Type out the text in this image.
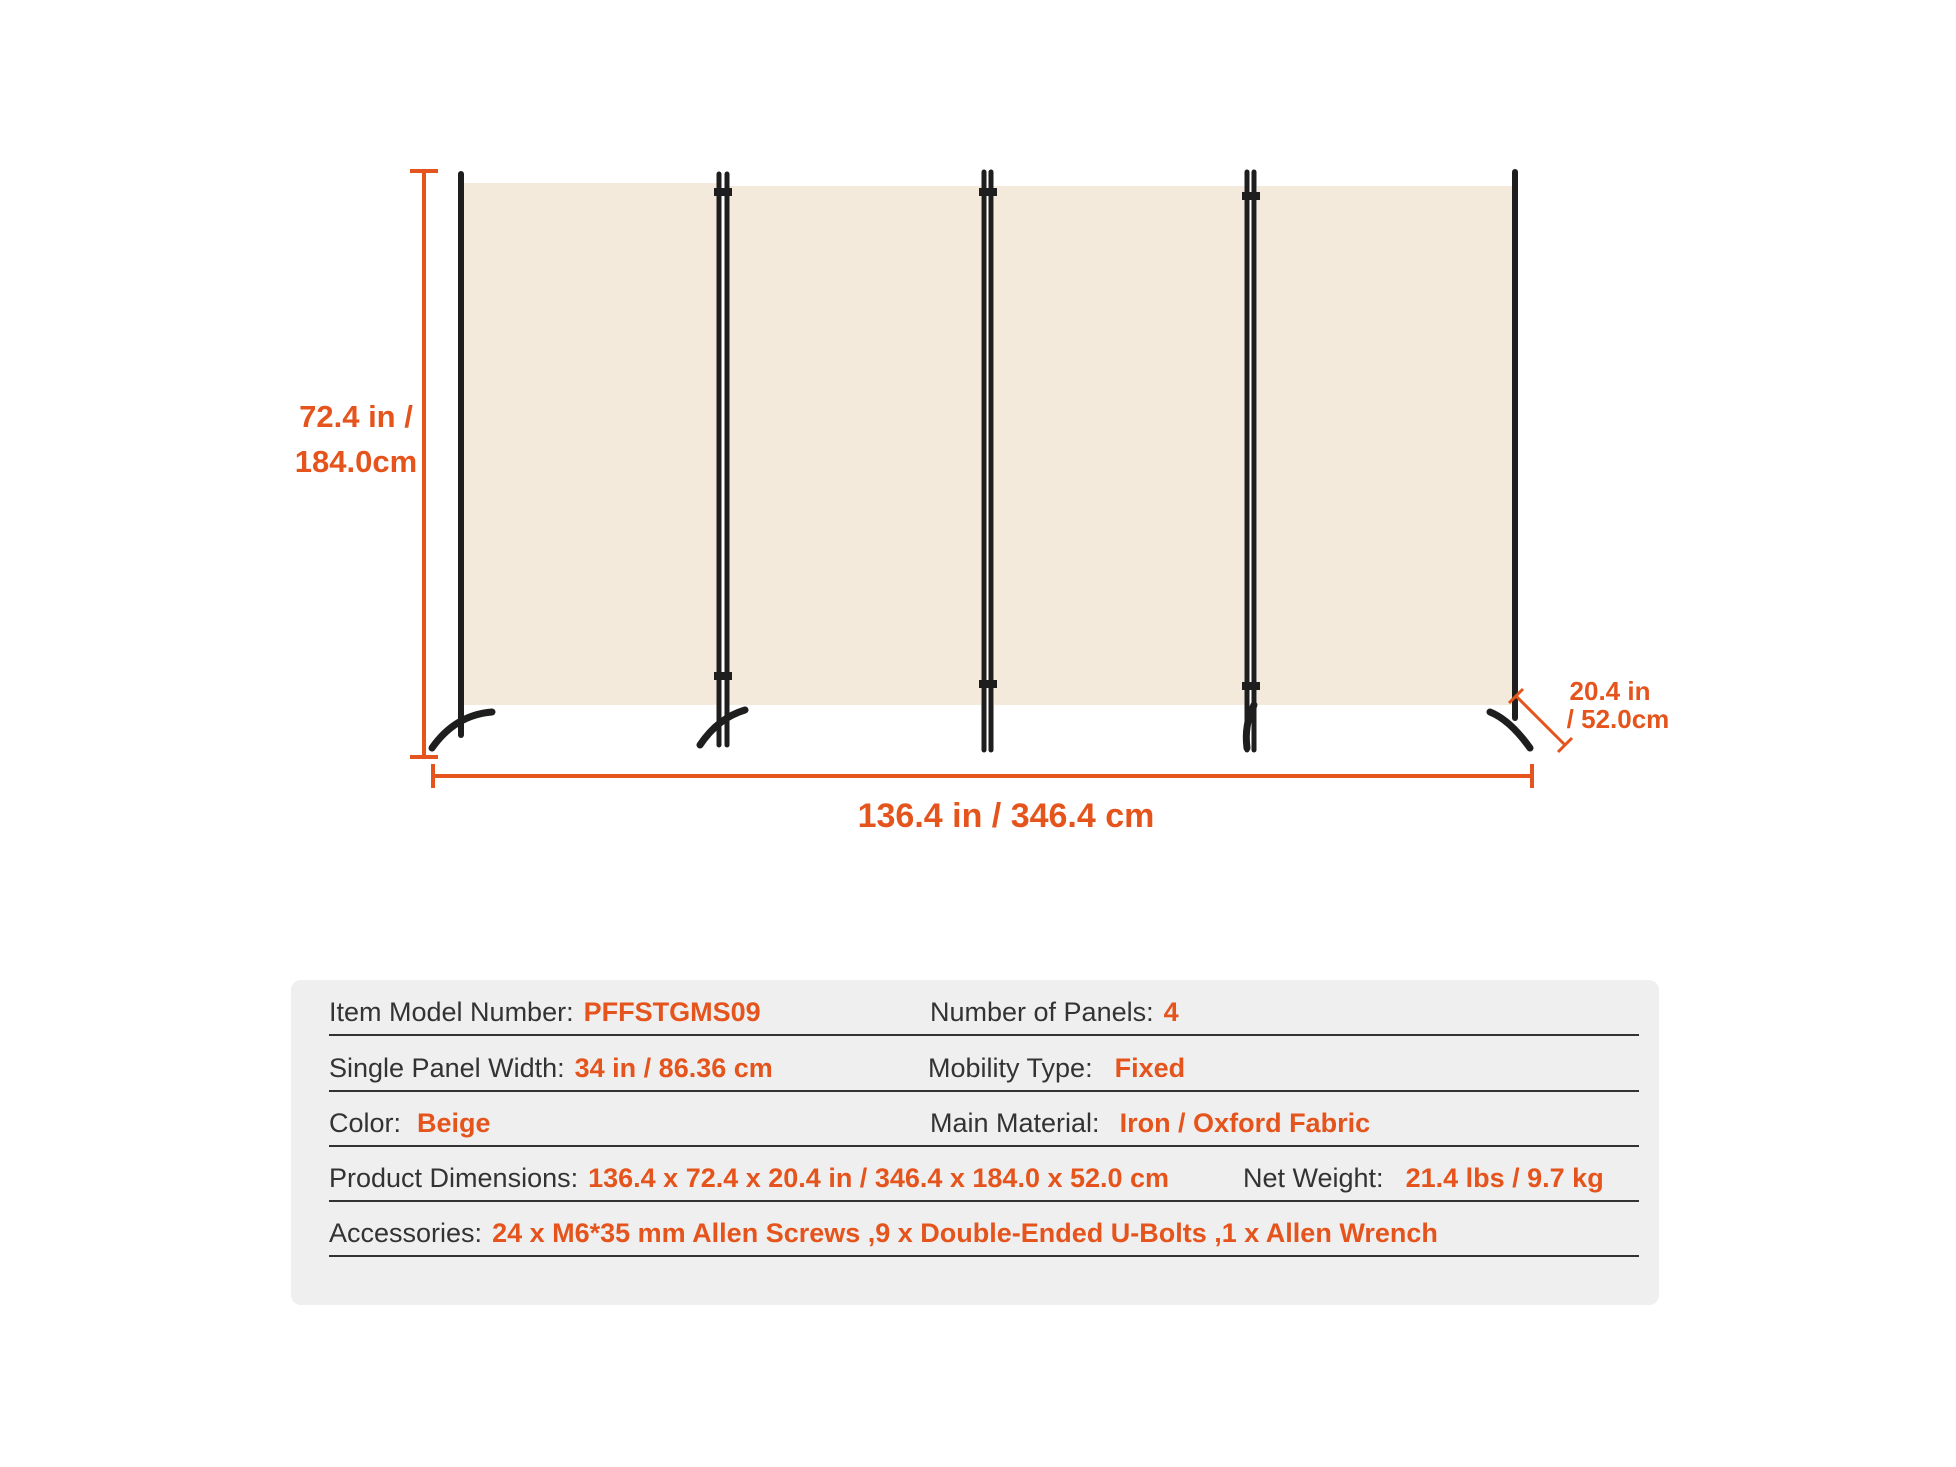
72.4 in /
184.0cm
136.4 in / 346.4 cm
20.4 in
/ 52.0cm
Item Model Number: PFFSTGMS09	Number of Panels: 4
Single Panel Width: 34 in / 86.36 cm	Mobility Type: Fixed
Color: Beige	Main Material: Iron / Oxford Fabric
Product Dimensions: 136.4 x 72.4 x 20.4 in / 346.4 x 184.0 x 52.0 cm	Net Weight: 21.4 lbs / 9.7 kg
Accessories: 24 x M6*35 mm Allen Screws ,9 x Double-Ended U-Bolts ,1 x Allen Wrench
